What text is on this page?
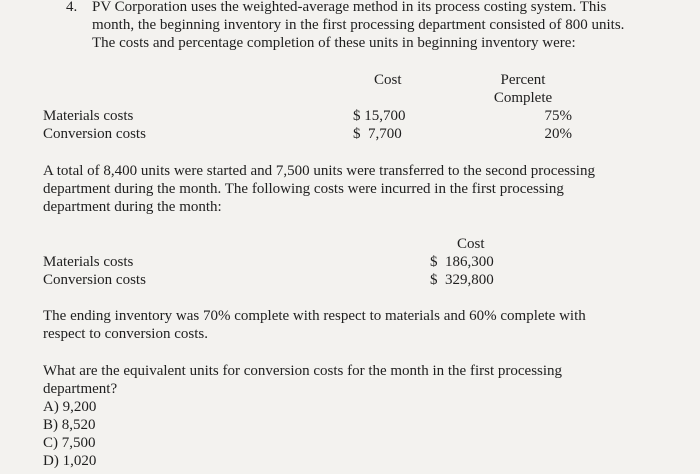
4. PV Corporation uses the weighted-average method in its process costing system. This
month, the beginning inventory in the first processing department consisted of 800 units.
The costs and percentage completion of these units in beginning inventory were:
Cost	Percent
Complete
Materials costs	$ 15,700	75%
Conversion costs	$  7,700	20%
A total of 8,400 units were started and 7,500 units were transferred to the second processing
department during the month. The following costs were incurred in the first processing
department during the month:
Cost
Materials costs	$  186,300
Conversion costs	$  329,800
The ending inventory was 70% complete with respect to materials and 60% complete with
respect to conversion costs.
What are the equivalent units for conversion costs for the month in the first processing
department?
A) 9,200
B) 8,520
C) 7,500
D) 1,020
